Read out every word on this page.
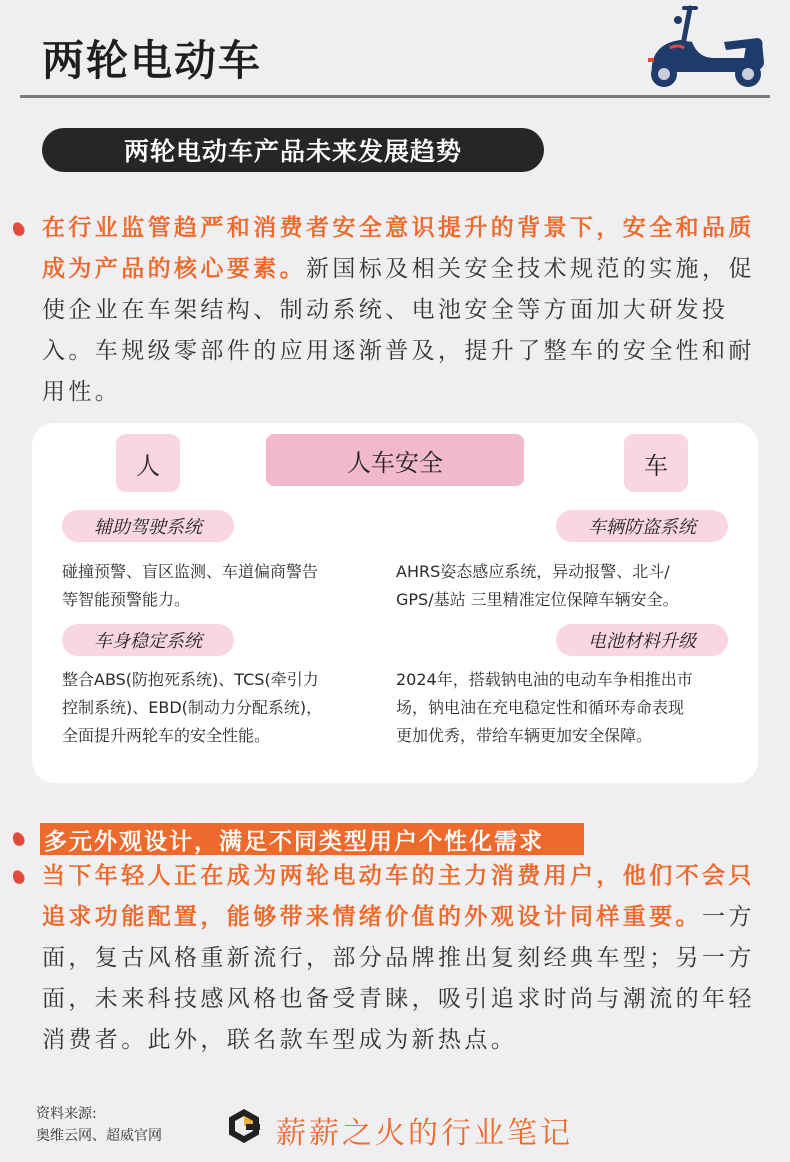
两轮电动车
两轮电动车产品未来发展趋势
在行业监管趋严和消费者安全意识提升的背景下，安全和品质成为产品的核心要素。新国标及相关安全技术规范的实施，促使企业在车架结构、制动系统、电池安全等方面加大研发投入。车规级零部件的应用逐渐普及，提升了整车的安全性和耐用性。
人	人车安全	车
辅助驾驶系统
碰撞预警、盲区监测、车道偏商警告
等智能预警能力。
车辆防盗系统
AHRS姿态感应系统，异动报警、北斗/
GPS/基站 三里精准定位保障车辆安全。
车身稳定系统
整合ABS(防抱死系统)、TCS(牵引力
控制系统)、EBD(制动力分配系统)，
全面提升两轮车的安全性能。
电池材料升级
2024年，搭载钠电油的电动车争相推出市
场，钠电油在充电稳定性和循环寿命表现
更加优秀，带给车辆更加安全保障。
多元外观设计，满足不同类型用户个性化需求
当下年轻人正在成为两轮电动车的主力消费用户，他们不会只追求功能配置，能够带来情绪价值的外观设计同样重要。一方面，复古风格重新流行，部分品牌推出复刻经典车型；另一方面，未来科技感风格也备受青睐，吸引追求时尚与潮流的年轻消费者。此外，联名款车型成为新热点。
资料来源:
奥维云网、超威官网	薪薪之火的行业笔记
